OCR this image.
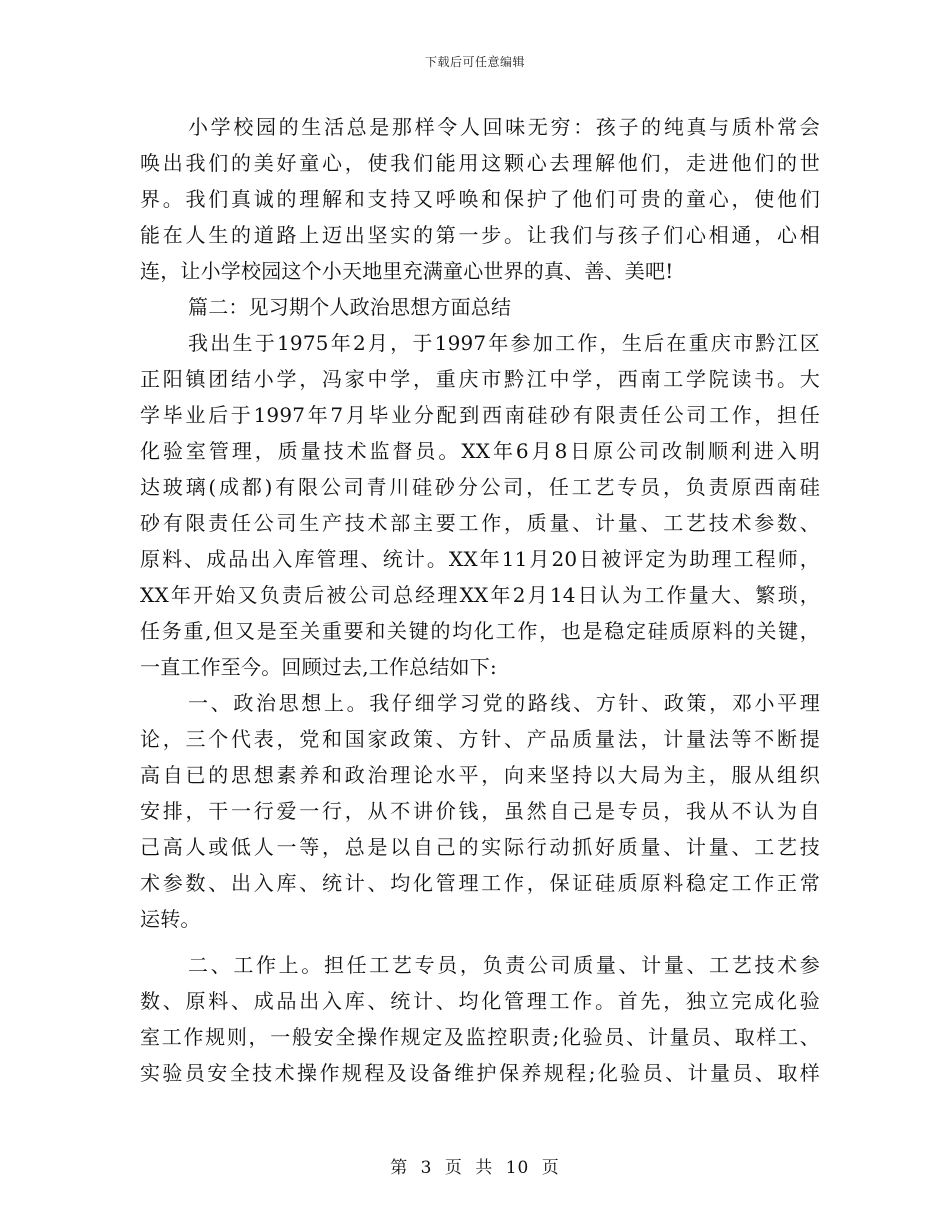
下载后可任意编辑
小学校园的生活总是那样令人回味无穷：孩子的纯真与质朴常会
唤出我们的美好童心，使我们能用这颗心去理解他们，走进他们的世
界。我们真诚的理解和支持又呼唤和保护了他们可贵的童心，使他们
能在人生的道路上迈出坚实的第一步。让我们与孩子们心相通，心相
连，让小学校园这个小天地里充满童心世界的真、善、美吧!
篇二：见习期个人政治思想方面总结
我出生于1975年2月，于1997年参加工作，生后在重庆市黔江区
正阳镇团结小学，冯家中学，重庆市黔江中学，西南工学院读书。大
学毕业后于1997年7月毕业分配到西南硅砂有限责任公司工作，担任
化验室管理，质量技术监督员。XX年6月8日原公司改制顺利进入明
达玻璃(成都)有限公司青川硅砂分公司，任工艺专员，负责原西南硅
砂有限责任公司生产技术部主要工作，质量、计量、工艺技术参数、
原料、成品出入库管理、统计。XX年11月20日被评定为助理工程师，
XX年开始又负责后被公司总经理XX年2月14日认为工作量大、繁琐，
任务重,但又是至关重要和关键的均化工作，也是稳定硅质原料的关键，
一直工作至今。回顾过去,工作总结如下:
一、政治思想上。我仔细学习党的路线、方针、政策，邓小平理
论，三个代表，党和国家政策、方针、产品质量法，计量法等不断提
高自已的思想素养和政治理论水平，向来坚持以大局为主，服从组织
安排，干一行爱一行，从不讲价钱，虽然自己是专员，我从不认为自
己高人或低人一等，总是以自己的实际行动抓好质量、计量、工艺技
术参数、出入库、统计、均化管理工作，保证硅质原料稳定工作正常
运转。
二、工作上。担任工艺专员，负责公司质量、计量、工艺技术参
数、原料、成品出入库、统计、均化管理工作。首先，独立完成化验
室工作规则，一般安全操作规定及监控职责;化验员、计量员、取样工、
实验员安全技术操作规程及设备维护保养规程;化验员、计量员、取样
第 3 页 共 10 页
